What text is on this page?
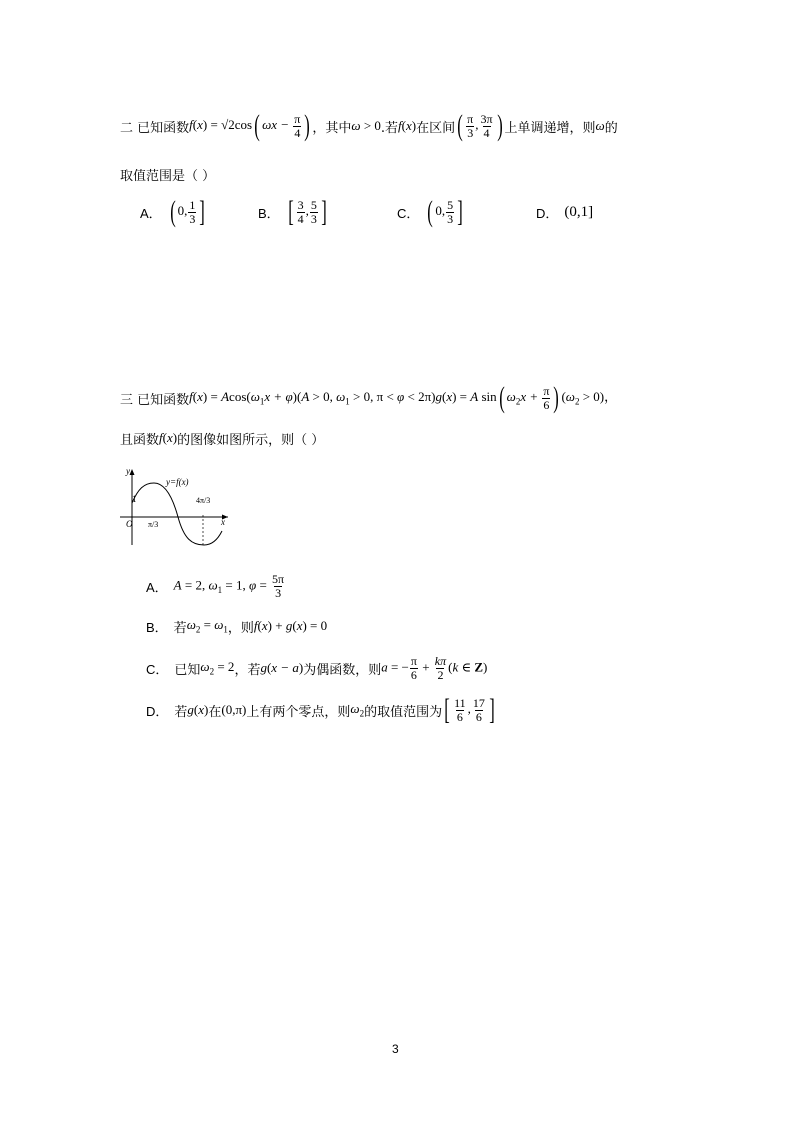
二
已知函数 f(x) = √2cos( $\omega x - \frac{\pi}{4}$ ) ，其中 ω > 0 .若 f(x) 在区间 ( $\frac{\pi}{3}$ , $\frac{3\pi}{4}$ ) 上单调递增，则 ω 的
取值范围是（ ）
A． ( 0, $\frac{1}{3}$ ]	B． [ $\frac{3}{4}$ , $\frac{5}{3}$ ]	C． ( 0, $\frac{5}{3}$ ]	D． (0,1]
三
已知函数 $f(x) = Acos(\omega_1x + \varphi)(A > 0$, $\omega_1 > 0$, π < φ < 2π)g(x) = A sin( $\omega_2x + \frac{\pi}{6}$ ) $(\omega_2 > 0)$，
且函数 f(x) 的图像如图所示，则（ ）
y
y=f(x)
1
O	x
π/3
4π/3
A． A = 2, $\omega_1 = 1$, $\varphi = \frac{5\pi}{3}$
B． 若 $\omega_2 = \omega_1$ ，则 f(x) + g(x) = 0
C． 已知 $\omega_2 = 2$ ，若 g(x − a) 为偶函数，则 a = − $\frac{\pi}{6} + \frac{k\pi}{2} (k$ ∈ Z)
D． 若 g(x) 在 (0,π) 上有两个零点，则 $\omega_2$ 的取值范围为 [ $\frac{11}{6}$ , $\frac{17}{6}$ ]
3
